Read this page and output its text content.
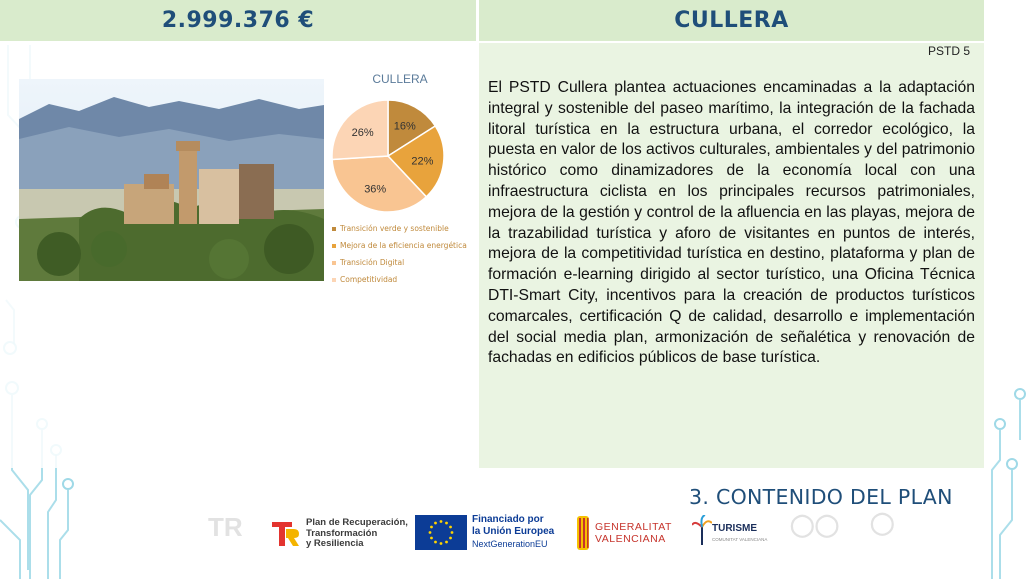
2.999.376 €	CULLERA
CULLERA
16%
22%
36%
26%
Transición verde y sostenible
Mejora de la eficiencia energética
Transición Digital
Competitividad
PSTD 5

El PSTD Cullera plantea actuaciones encaminadas a la adaptación integral y sostenible del paseo marítimo, la integración de la fachada litoral turística en la estructura urbana, el corredor ecológico, la puesta en valor de los activos culturales, ambientales y del patrimonio histórico como dinamizadores de la economía local con una infraestructura ciclista en los principales recursos patrimoniales, mejora de la gestión y control de la afluencia en las playas, mejora de la trazabilidad turística y aforo de visitantes en puntos de interés, mejora de la competitividad turística en destino, plataforma y plan de formación e-learning dirigido al sector turístico, una Oficina Técnica DTI-Smart City, incentivos para la creación de productos turísticos comarcales, certificación Q de calidad, desarrollo e implementación del social media plan, armonización de señalética y renovación de fachadas en edificios públicos de base turística.

3. CONTENIDO DEL PLAN
TR	Plan de Recuperación,
Transformación
y Resiliencia
Financiado por
la Unión Europea
NextGenerationEU
GENERALITAT
VALENCIANA
TURISME
COMUNITAT VALENCIANA
◯◯ ◯
